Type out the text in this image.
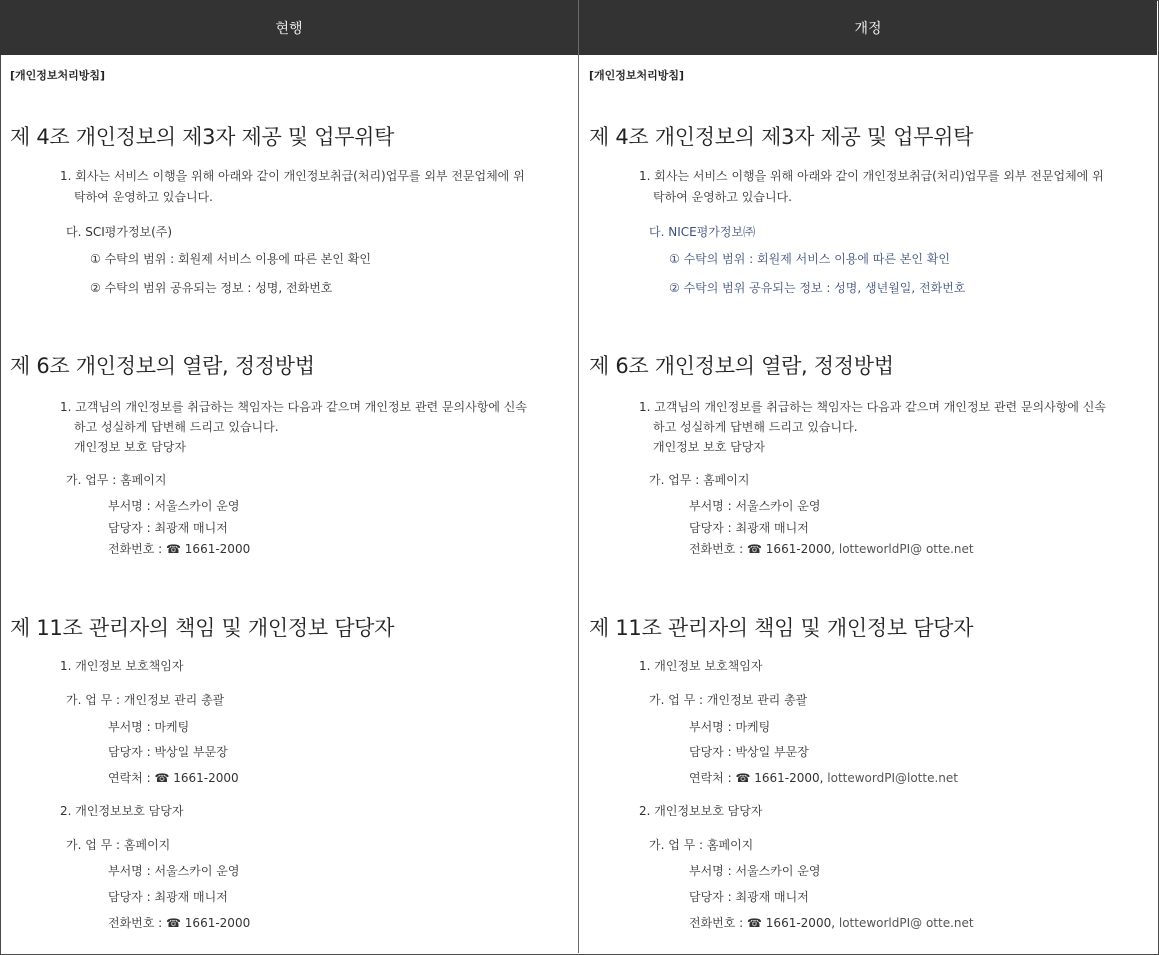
현행	개정
[개인정보처리방침]
제 4조 개인정보의 제3자 제공 및 업무위탁
1. 회사는 서비스 이행을 위해 아래와 같이 개인정보취급(처리)업무를 외부 전문업체에 위
탁하여 운영하고 있습니다.
다. SCI평가정보(주)
① 수탁의 범위 : 회원제 서비스 이용에 따른 본인 확인
② 수탁의 범위 공유되는 정보 : 성명, 전화번호
제 6조 개인정보의 열람, 정정방법
1. 고객님의 개인정보를 취급하는 책임자는 다음과 같으며 개인정보 관련 문의사항에 신속
하고 성실하게 답변해 드리고 있습니다.
개인정보 보호 담당자
가. 업무 : 홈페이지
부서명 : 서울스카이 운영
담당자 : 최광재 매니저
전화번호 : ☎ 1661-2000
제 11조 관리자의 책임 및 개인정보 담당자
1. 개인정보 보호책임자
가. 업 무 : 개인정보 관리 총괄
부서명 : 마케팅
담당자 : 박상일 부문장
연락처 : ☎ 1661-2000
2. 개인정보보호 담당자
가. 업 무 : 홈페이지
부서명 : 서울스카이 운영
담당자 : 최광재 매니저
전화번호 : ☎ 1661-2000
[개인정보처리방침]
제 4조 개인정보의 제3자 제공 및 업무위탁
1. 회사는 서비스 이행을 위해 아래와 같이 개인정보취급(처리)업무를 외부 전문업체에 위
탁하여 운영하고 있습니다.
다. NICE평가정보㈜
① 수탁의 범위 : 회원제 서비스 이용에 따른 본인 확인
② 수탁의 범위 공유되는 정보 : 성명, 생년월일, 전화번호
제 6조 개인정보의 열람, 정정방법
1. 고객님의 개인정보를 취급하는 책임자는 다음과 같으며 개인정보 관련 문의사항에 신속
하고 성실하게 답변해 드리고 있습니다.
개인정보 보호 담당자
가. 업무 : 홈페이지
부서명 : 서울스카이 운영
담당자 : 최광재 매니저
전화번호 : ☎ 1661-2000, lotteworldPI@ otte.net
제 11조 관리자의 책임 및 개인정보 담당자
1. 개인정보 보호책임자
가. 업 무 : 개인정보 관리 총괄
부서명 : 마케팅
담당자 : 박상일 부문장
연락처 : ☎ 1661-2000, lottewordPI@lotte.net
2. 개인정보보호 담당자
가. 업 무 : 홈페이지
부서명 : 서울스카이 운영
담당자 : 최광재 매니저
전화번호 : ☎ 1661-2000, lotteworldPI@ otte.net
